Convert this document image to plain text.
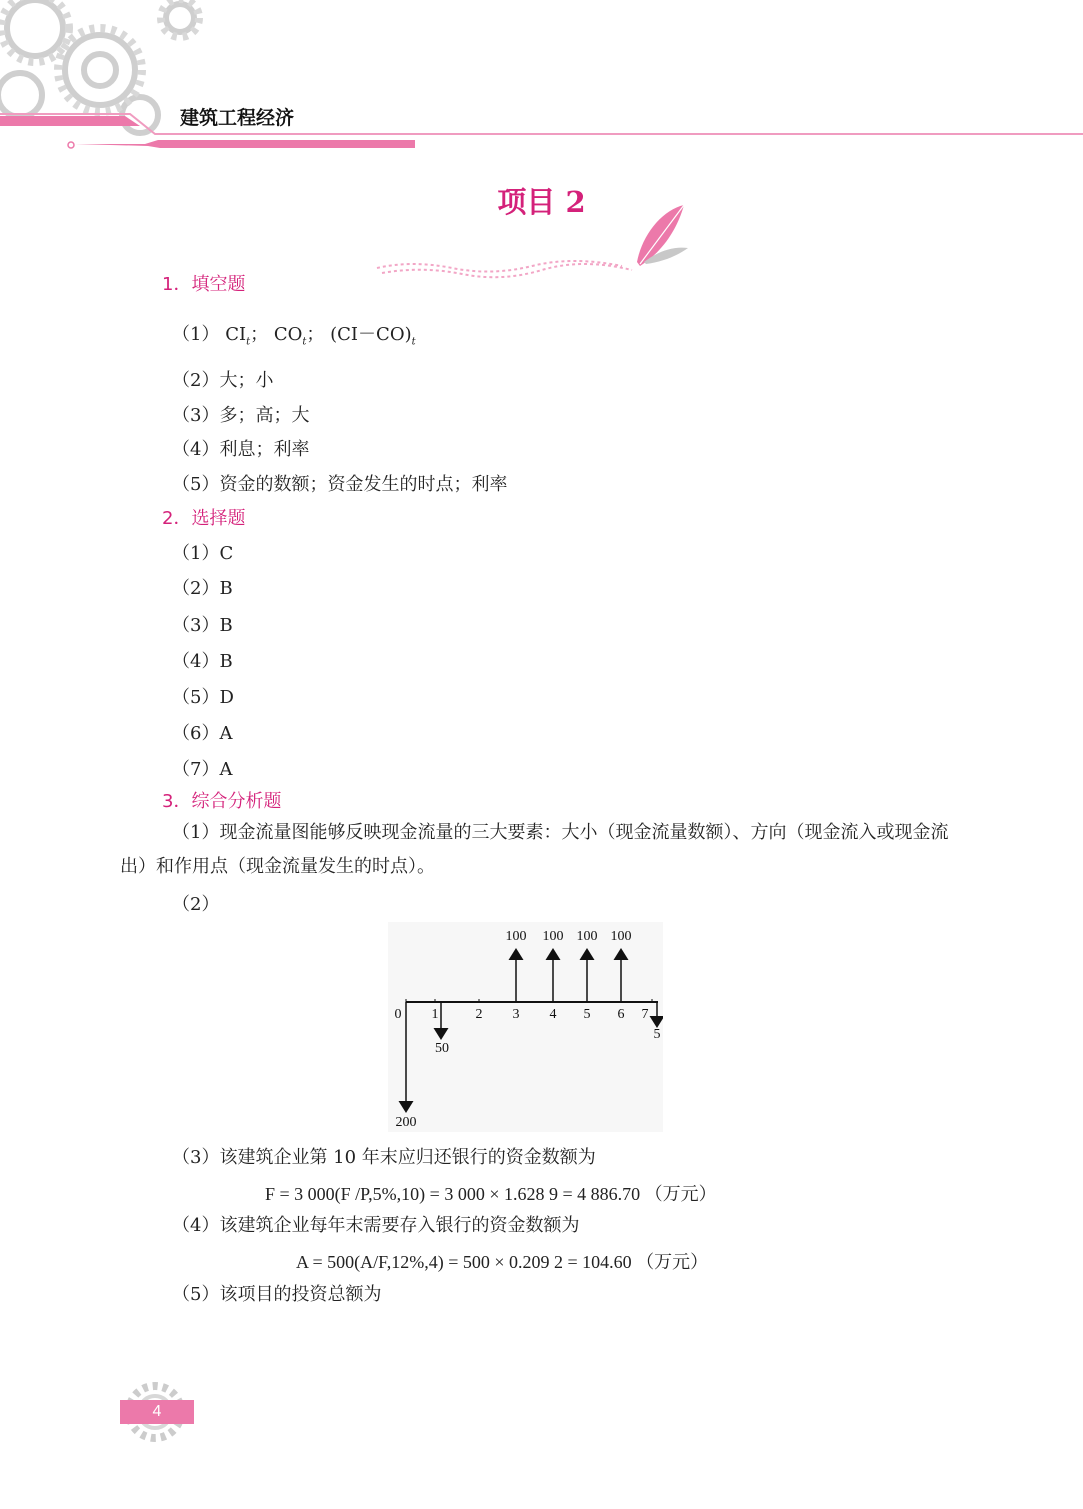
建筑工程经济
项目 2
1．填空题
（1） $CI_t$； $CO_t$； $(CI-CO)_t$
（2）大；小
（3）多；高；大
（4）利息；利率
（5）资金的数额；资金发生的时点；利率
2．选择题
（1）C
（2）B
（3）B
（4）B
（5）D
（6）A
（7）A
3．综合分析题
（1）现金流量图能够反映现金流量的三大要素：大小（现金流量数额）、方向（现金流入或现金流出）和作用点（现金流量发生的时点）。
（2）
0 1	2 3 4 5 6 7
100 100 100 100
200
50
5
（3）该建筑企业第 10 年末应归还银行的资金数额为
F = 3 000(F /P,5%,10) = 3 000 × 1.628 9 = 4 886.70 （万元）
（4）该建筑企业每年末需要存入银行的资金数额为
A = 500(A/F,12%,4) = 500 × 0.209 2 = 104.60 （万元）
（5）该项目的投资总额为
4
